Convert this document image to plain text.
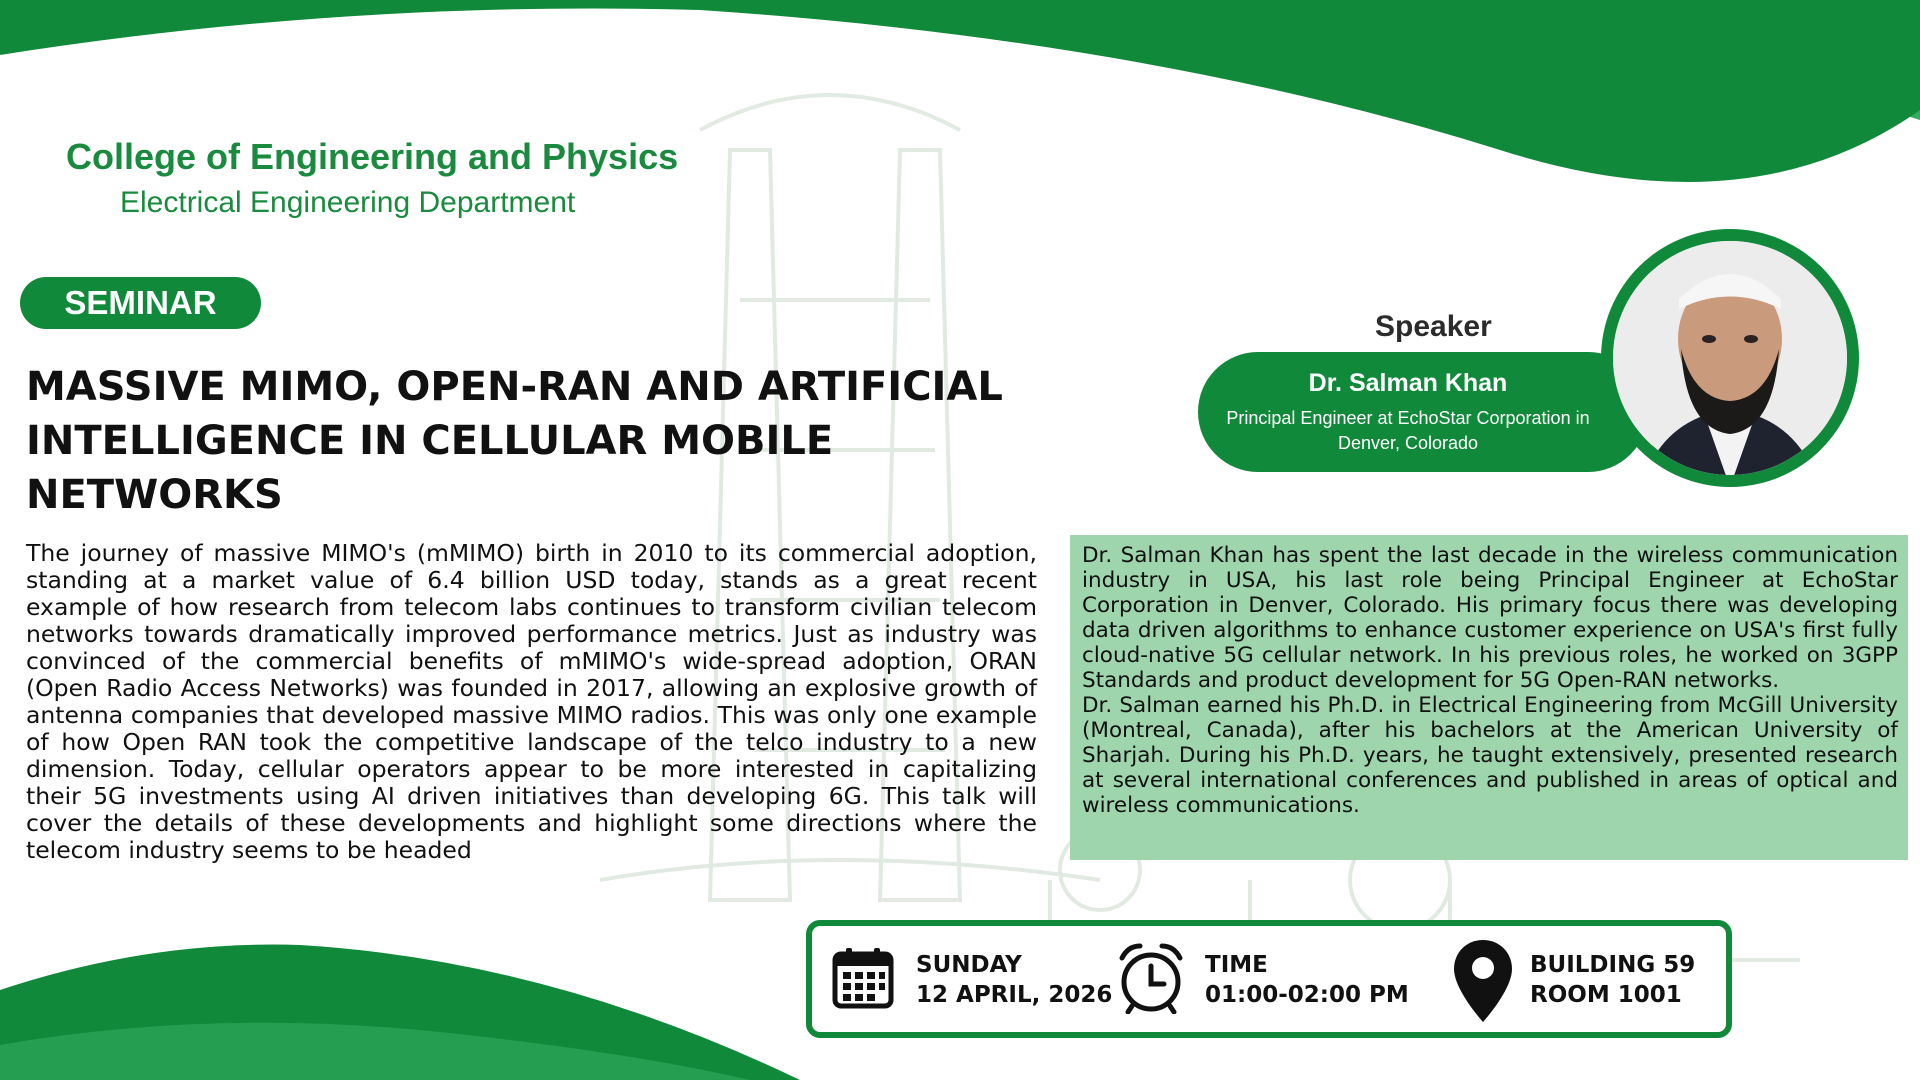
College of Engineering and Physics
Electrical Engineering Department
SEMINAR
MASSIVE MIMO, OPEN-RAN AND ARTIFICIAL INTELLIGENCE IN CELLULAR MOBILE NETWORKS

The journey of massive MIMO's (mMIMO) birth in 2010 to its commercial adoption, standing at a market value of 6.4 billion USD today, stands as a great recent example of how research from telecom labs continues to transform civilian telecom networks towards dramatically improved performance metrics. Just as industry was convinced of the commercial benefits of mMIMO's wide-spread adoption, ORAN (Open Radio Access Networks) was founded in 2017, allowing an explosive growth of antenna companies that developed massive MIMO radios. This was only one example of how Open RAN took the competitive landscape of the telco industry to a new dimension. Today, cellular operators appear to be more interested in capitalizing their 5G investments using AI driven initiatives than developing 6G. This talk will cover the details of these developments and highlight some directions where the telecom industry seems to be headed

Speaker
Dr. Salman Khan
Principal Engineer at EchoStar Corporation in Denver, Colorado

Dr. Salman Khan has spent the last decade in the wireless communication industry in USA, his last role being Principal Engineer at EchoStar Corporation in Denver, Colorado. His primary focus there was developing data driven algorithms to enhance customer experience on USA's first fully cloud-native 5G cellular network. In his previous roles, he worked on 3GPP Standards and product development for 5G Open-RAN networks.

Dr. Salman earned his Ph.D. in Electrical Engineering from McGill University (Montreal, Canada), after his bachelors at the American University of Sharjah. During his Ph.D. years, he taught extensively, presented research at several international conferences and published in areas of optical and wireless communications.

SUNDAY
12 APRIL, 2026
TIME
01:00-02:00 PM
BUILDING 59
ROOM 1001
